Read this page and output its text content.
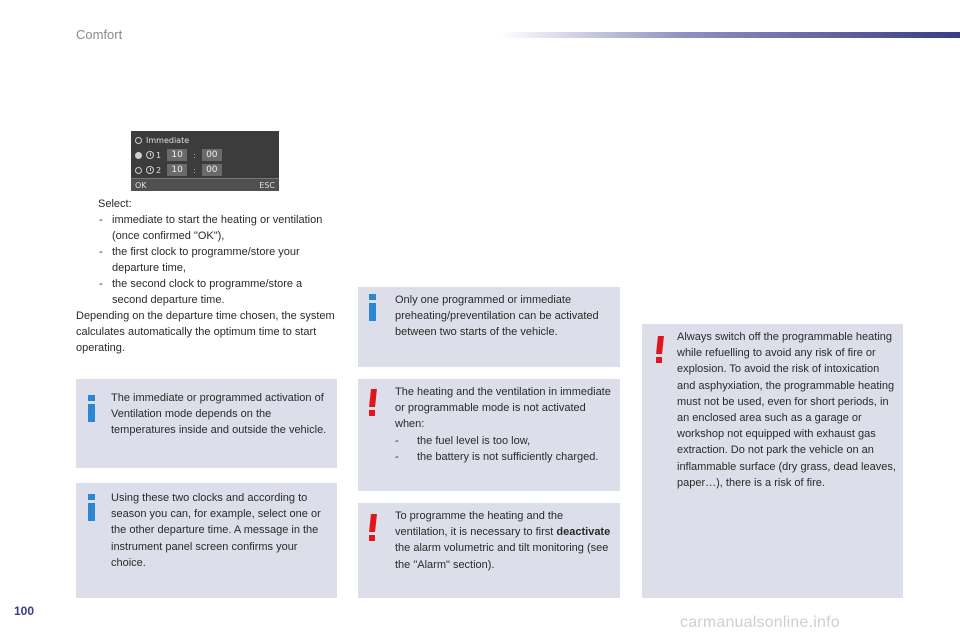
Comfort
Immediate
1	10	:	00
2	10	:	00
OK	ESC
Select:
- immediate to start the heating or ventilation (once confirmed "OK"),
- the first clock to programme/store your departure time,
- the second clock to programme/store a second departure time.
Depending on the departure time chosen, the system calculates automatically the optimum time to start operating.
The immediate or programmed activation of Ventilation mode depends on the temperatures inside and outside the vehicle.
Using these two clocks and according to season you can, for example, select one or the other departure time. A message in the instrument panel screen confirms your choice.
Only one programmed or immediate preheating/preventilation can be activated between two starts of the vehicle.
The heating and the ventilation in immediate or programmable mode is not activated when:
- the fuel level is too low,
- the battery is not sufficiently charged.
To programme the heating and the ventilation, it is necessary to first deactivate the alarm volumetric and tilt monitoring (see the "Alarm" section).
Always switch off the programmable heating while refuelling to avoid any risk of fire or explosion. To avoid the risk of intoxication and asphyxiation, the programmable heating must not be used, even for short periods, in an enclosed area such as a garage or workshop not equipped with exhaust gas extraction. Do not park the vehicle on an inflammable surface (dry grass, dead leaves, paper…), there is a risk of fire.
100
carmanualsonline.info
